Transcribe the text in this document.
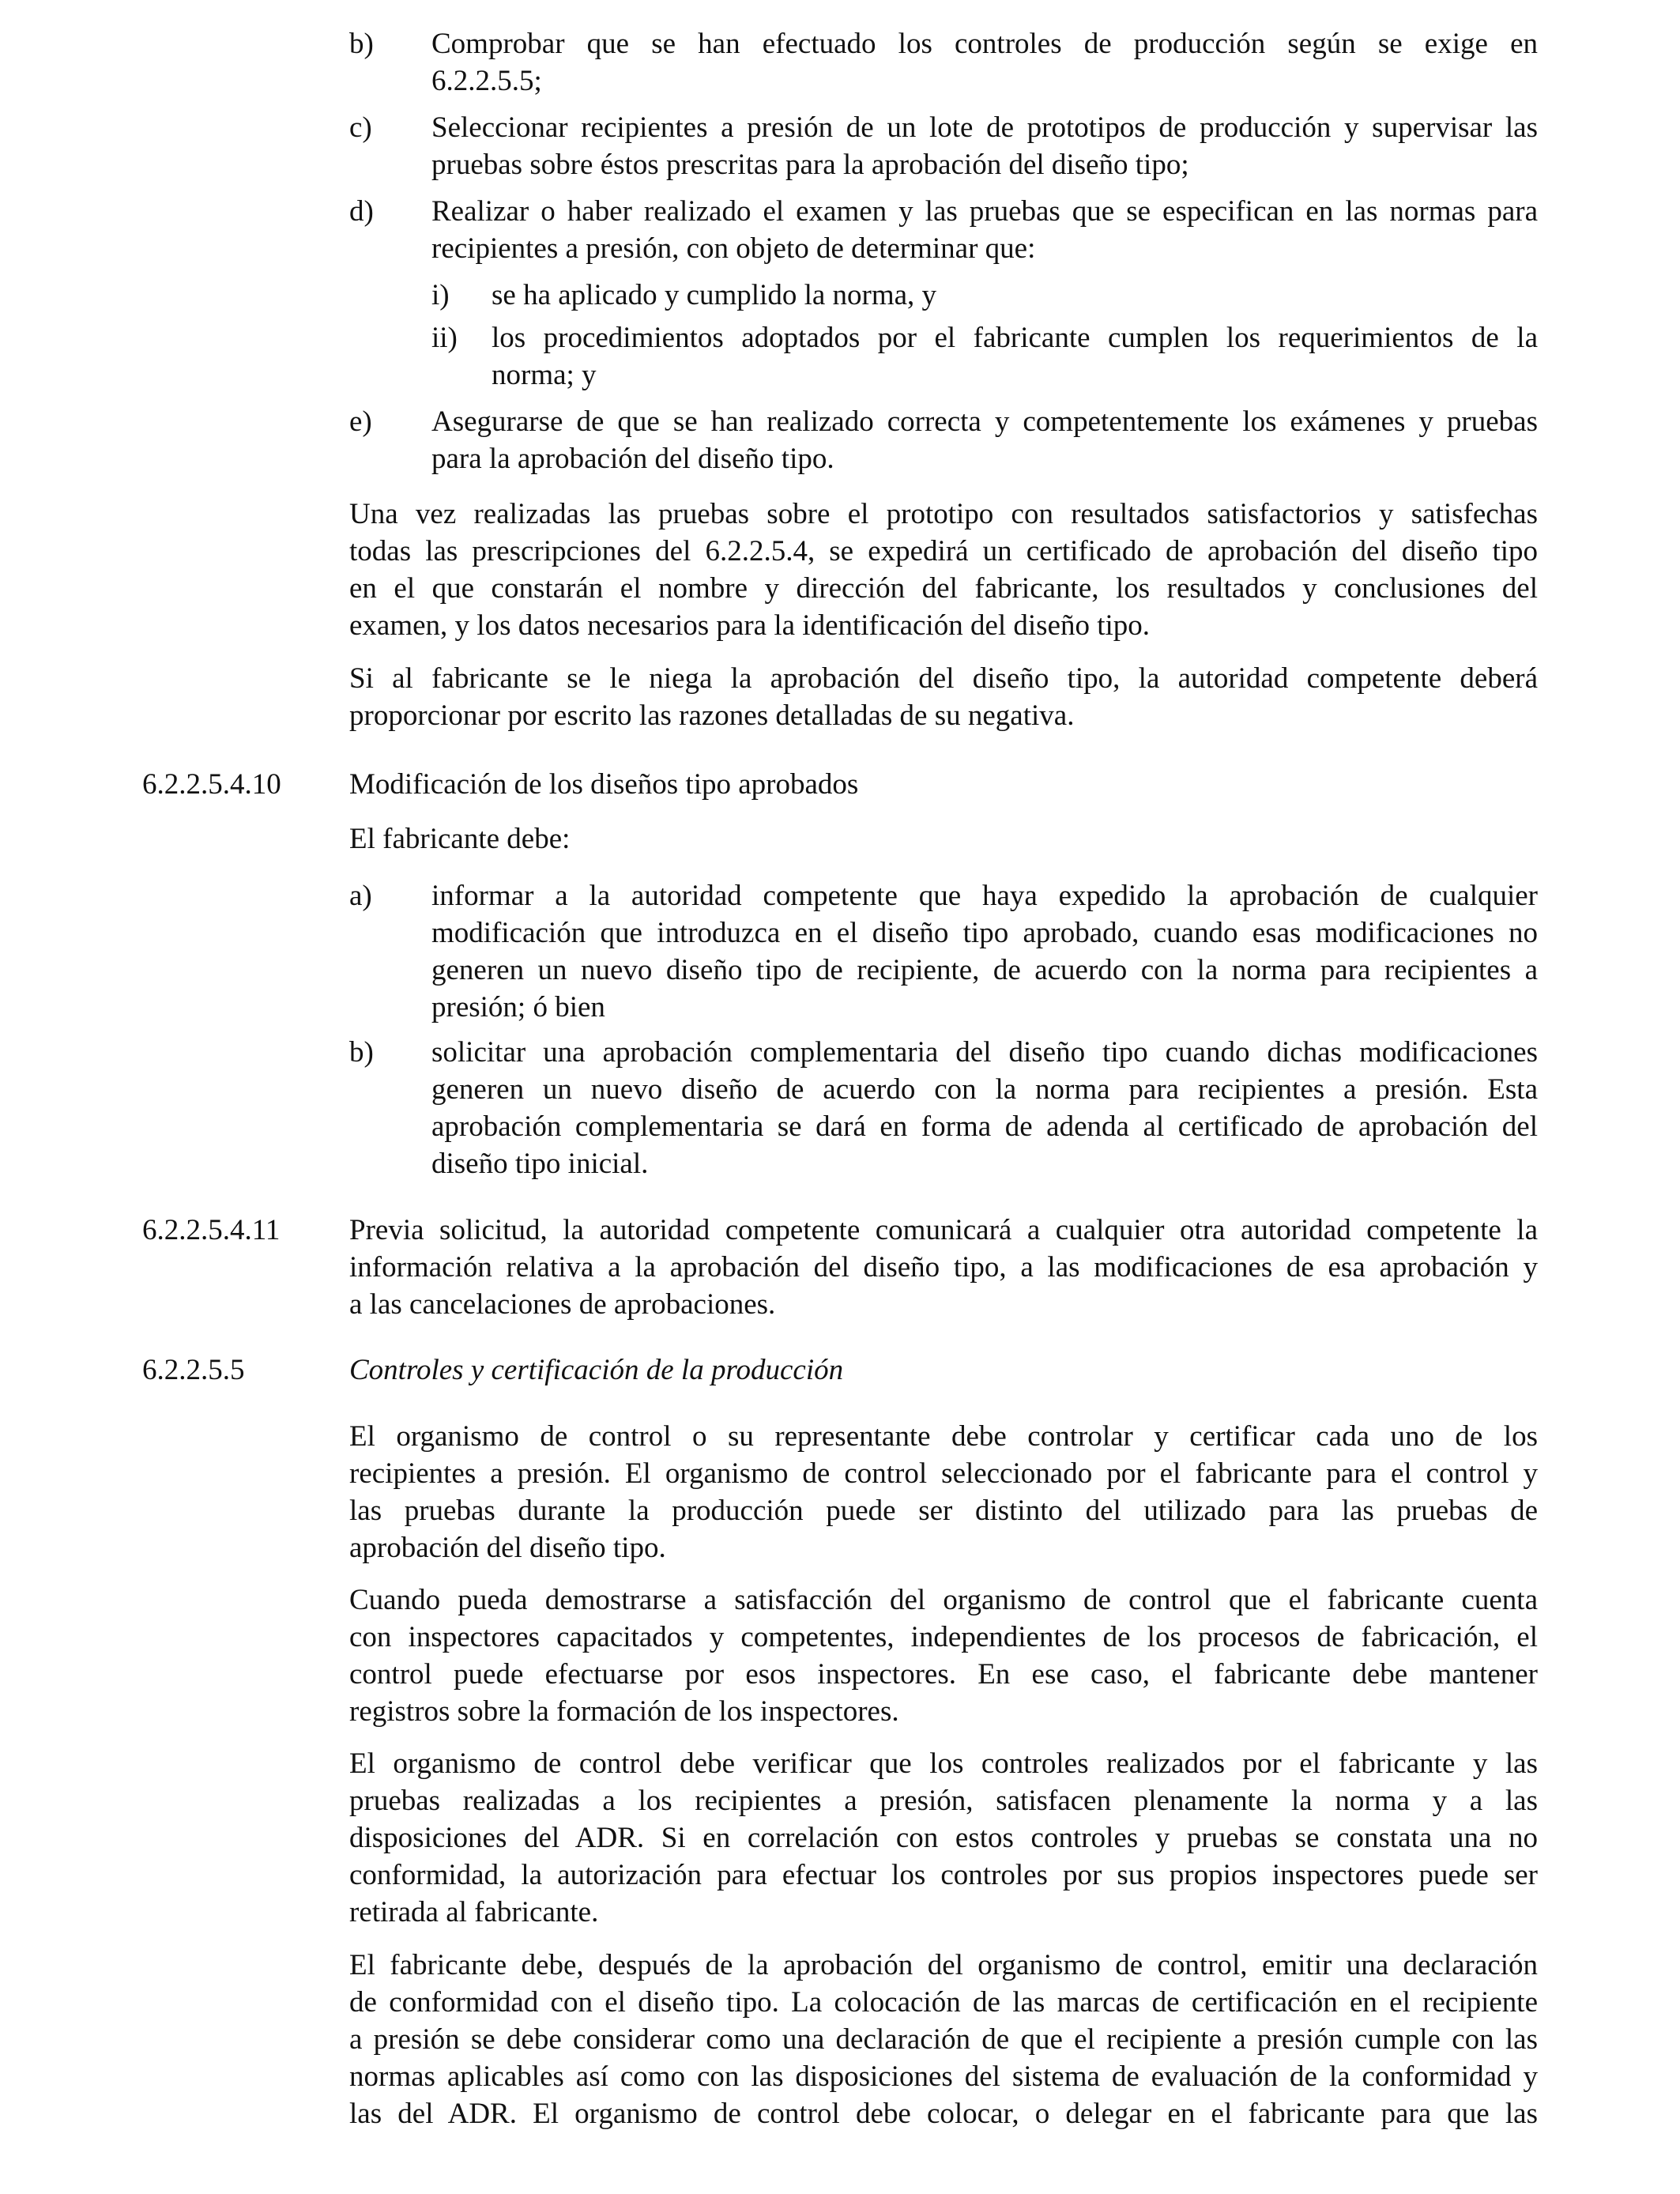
b) Comprobar que se han efectuado los controles de producción según se exige en
6.2.2.5.5;
c) Seleccionar recipientes a presión de un lote de prototipos de producción y supervisar las
pruebas sobre éstos prescritas para la aprobación del diseño tipo;
d) Realizar o haber realizado el examen y las pruebas que se especifican en las normas para
recipientes a presión, con objeto de determinar que:
i) se ha aplicado y cumplido la norma, y
ii) los procedimientos adoptados por el fabricante cumplen los requerimientos de la
norma; y
e) Asegurarse de que se han realizado correcta y competentemente los exámenes y pruebas
para la aprobación del diseño tipo.
Una vez realizadas las pruebas sobre el prototipo con resultados satisfactorios y satisfechas
todas las prescripciones del 6.2.2.5.4, se expedirá un certificado de aprobación del diseño tipo
en el que constarán el nombre y dirección del fabricante, los resultados y conclusiones del
examen, y los datos necesarios para la identificación del diseño tipo.
Si al fabricante se le niega la aprobación del diseño tipo, la autoridad competente deberá
proporcionar por escrito las razones detalladas de su negativa.
6.2.2.5.4.10 Modificación de los diseños tipo aprobados
El fabricante debe:
a) informar a la autoridad competente que haya expedido la aprobación de cualquier
modificación que introduzca en el diseño tipo aprobado, cuando esas modificaciones no
generen un nuevo diseño tipo de recipiente, de acuerdo con la norma para recipientes a
presión; ó bien
b) solicitar una aprobación complementaria del diseño tipo cuando dichas modificaciones
generen un nuevo diseño de acuerdo con la norma para recipientes a presión. Esta
aprobación complementaria se dará en forma de adenda al certificado de aprobación del
diseño tipo inicial.
6.2.2.5.4.11 Previa solicitud, la autoridad competente comunicará a cualquier otra autoridad competente la
información relativa a la aprobación del diseño tipo, a las modificaciones de esa aprobación y
a las cancelaciones de aprobaciones.
6.2.2.5.5	Controles y certificación de la producción
El organismo de control o su representante debe controlar y certificar cada uno de los
recipientes a presión. El organismo de control seleccionado por el fabricante para el control y
las pruebas durante la producción puede ser distinto del utilizado para las pruebas de
aprobación del diseño tipo.
Cuando pueda demostrarse a satisfacción del organismo de control que el fabricante cuenta
con inspectores capacitados y competentes, independientes de los procesos de fabricación, el
control puede efectuarse por esos inspectores. En ese caso, el fabricante debe mantener
registros sobre la formación de los inspectores.
El organismo de control debe verificar que los controles realizados por el fabricante y las
pruebas realizadas a los recipientes a presión, satisfacen plenamente la norma y a las
disposiciones del ADR. Si en correlación con estos controles y pruebas se constata una no
conformidad, la autorización para efectuar los controles por sus propios inspectores puede ser
retirada al fabricante.
El fabricante debe, después de la aprobación del organismo de control, emitir una declaración
de conformidad con el diseño tipo. La colocación de las marcas de certificación en el recipiente
a presión se debe considerar como una declaración de que el recipiente a presión cumple con las
normas aplicables así como con las disposiciones del sistema de evaluación de la conformidad y
las del ADR. El organismo de control debe colocar, o delegar en el fabricante para que las
